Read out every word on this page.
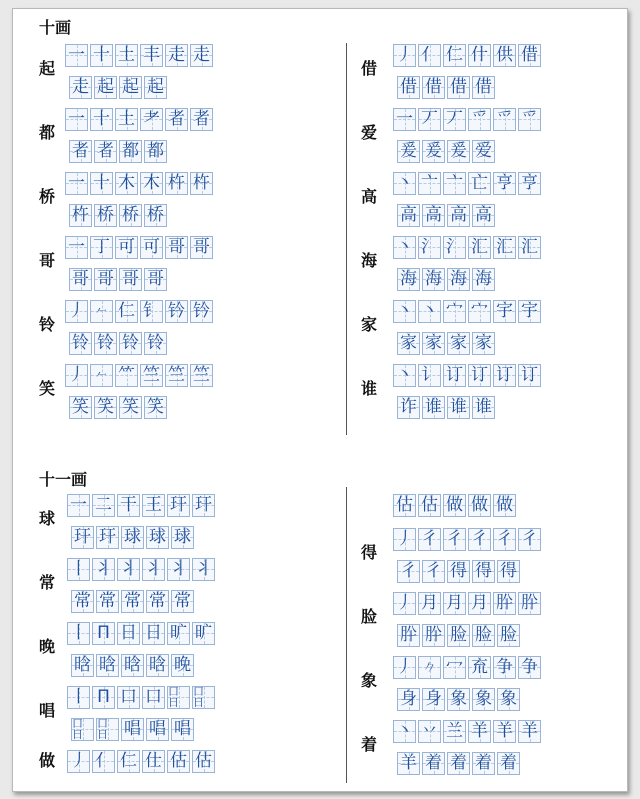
十画
十一画
起
一 十 土 丰 走 走
走 起 起 起
都
一 十 土 耂 者 者
者 者 都 都
桥
一 十 木 木 杵 杵
杵 桥 桥 桥
哥
一 丁 可 可 哥 哥
哥 哥 哥 哥
铃
丿 𠂉 仁 钅 钤 钤
铃 铃 铃 铃
笑
丿 𠂉 ⺮ 竺 竺 竺
笑 笑 笑 笑
借
丿 亻 仁 什 供 借
借 借 借 借
爱
一 丆 丆 爫 爫 爫
爰 爰 爰 爱
高
丶 亠 亠 亡 亨 亨
高 高 高 高
海
丶 氵 氵 汇 汇 汇
海 海 海 海
家
丶 丶 宀 宀 宇 宇
家 家 家 家
谁
丶 讠 订 订 订 订
诈 谁 谁 谁
球
一 二 干 王 玕 玕
玕 玕 球 球 球
常
丨 丬 丬 丬 丬 丬
常 常 常 常 常
晚
丨 П 日 日 旷 旷
晗 晗 晗 晗 晚
唱
丨 П 口 口 口日
口日
口日
口日 唱 唱 唱
做 丿 亻 仁 仕 估 估
估 估 做 做 做
得
丿 彳 彳 彳 彳 彳
彳 彳 得 得 得
脸
丿 月 月 月 肸 肸
肸 肸 脸 脸 脸
象
丿 𠂊 冖 㐬 争 争
身 身 象 象 象
着
丶 丷 兰 羊 羊 羊
羊 着 着 着 着
